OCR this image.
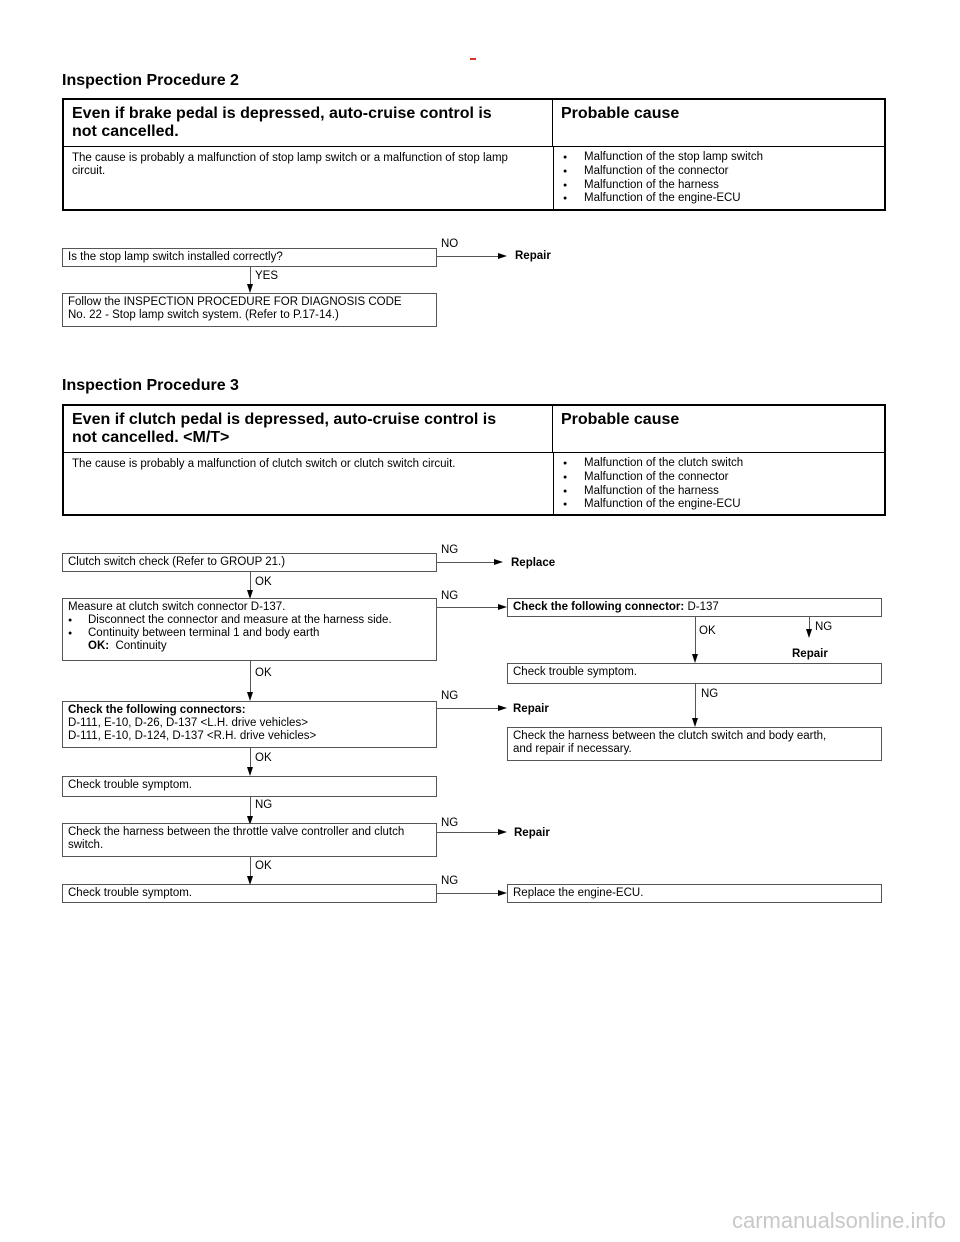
Inspection Procedure 2
Even if brake pedal is depressed, auto-cruise control is
not cancelled.
Probable cause
The cause is probably a malfunction of stop lamp switch or a malfunction of stop lamp circuit.
● Malfunction of the stop lamp switch
● Malfunction of the connector
● Malfunction of the harness
● Malfunction of the engine-ECU
Is the stop lamp switch installed correctly?
NO
Repair
YES
Follow the INSPECTION PROCEDURE FOR DIAGNOSIS CODE
No. 22 - Stop lamp switch system. (Refer to P.17-14.)
Inspection Procedure 3
Even if clutch pedal is depressed, auto-cruise control is
not cancelled. <M/T>
Probable cause
The cause is probably a malfunction of clutch switch or clutch switch circuit.
●	Malfunction of the clutch switch
● Malfunction of the connector
● Malfunction of the harness
● Malfunction of the engine-ECU
Clutch switch check (Refer to GROUP 21.)
NG
Replace
OK
Measure at clutch switch connector D-137.
● Disconnect the connector and measure at the harness side.
● Continuity between terminal 1 and body earth
OK: Continuity
NG
Check the following connector: D-137
OK	NG
Repair
Check trouble symptom.
NG
Check the harness between the clutch switch and body earth,
and repair if necessary.
OK
Check the following connectors:
D-111, E-10, D-26, D-137 <L.H. drive vehicles>
D-111, E-10, D-124, D-137 <R.H. drive vehicles>
NG
Repair
OK
Check trouble symptom.
NG
Check the harness between the throttle valve controller and clutch
switch.
NG
Repair
OK
Check trouble symptom.
NG
Replace the engine-ECU.
carmanualsonline.info
